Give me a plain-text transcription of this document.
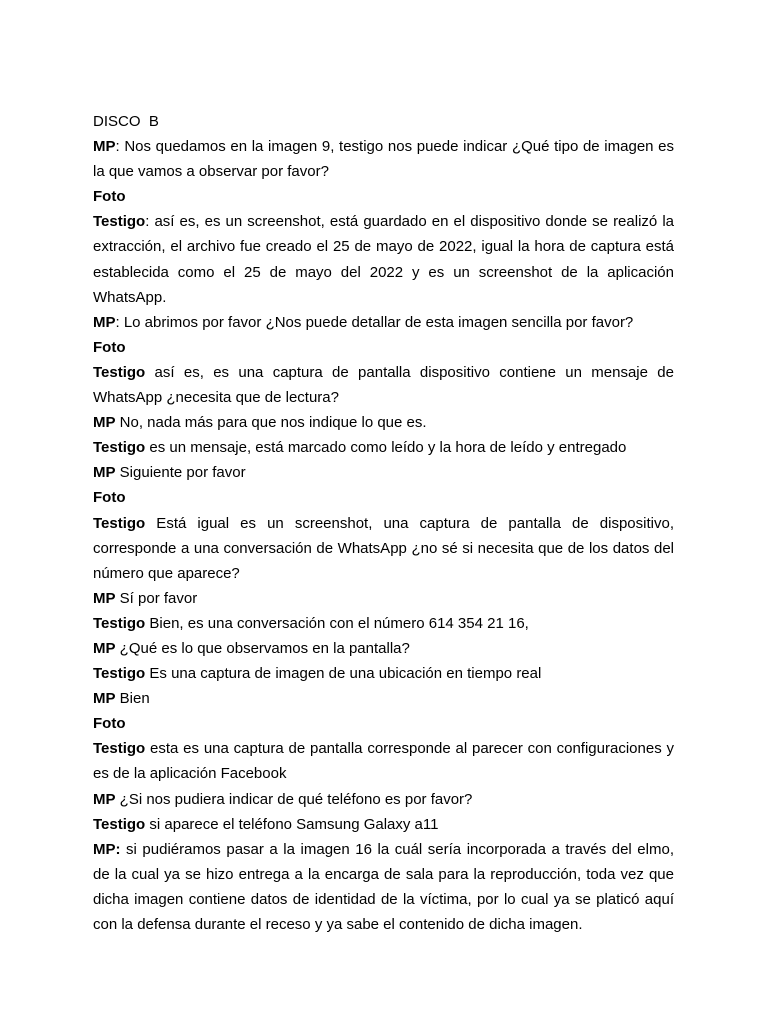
DISCO  B

MP: Nos quedamos en la imagen 9, testigo nos puede indicar ¿Qué tipo de imagen es la que vamos a observar por favor?

Foto

Testigo: así es, es un screenshot, está guardado en el dispositivo donde se realizó la extracción, el archivo fue creado el 25 de mayo de 2022, igual la hora de captura está establecida como el 25 de mayo del 2022 y es un screenshot de la aplicación WhatsApp.

MP: Lo abrimos por favor ¿Nos puede detallar de esta imagen sencilla por favor?

Foto

Testigo así es, es una captura de pantalla dispositivo contiene un mensaje de WhatsApp ¿necesita que de lectura?

MP No, nada más para que nos indique lo que es.

Testigo es un mensaje, está marcado como leído y la hora de leído y entregado

MP Siguiente por favor

Foto

Testigo Está igual es un screenshot, una captura de pantalla de dispositivo, corresponde a una conversación de WhatsApp ¿no sé si necesita que de los datos del número que aparece?

MP Sí por favor

Testigo Bien, es una conversación con el número 614 354 21 16,

MP ¿Qué es lo que observamos en la pantalla?

Testigo Es una captura de imagen de una ubicación en tiempo real

MP Bien

Foto

Testigo esta es una captura de pantalla corresponde al parecer con configuraciones y es de la aplicación Facebook

MP ¿Si nos pudiera indicar de qué teléfono es por favor?

Testigo si aparece el teléfono Samsung Galaxy a11

MP: si pudiéramos pasar a la imagen 16 la cuál sería incorporada a través del elmo, de la cual ya se hizo entrega a la encarga de sala para la reproducción, toda vez que dicha imagen contiene datos de identidad de la víctima, por lo cual ya se platicó aquí con la defensa durante el receso y ya sabe el contenido de dicha imagen.
